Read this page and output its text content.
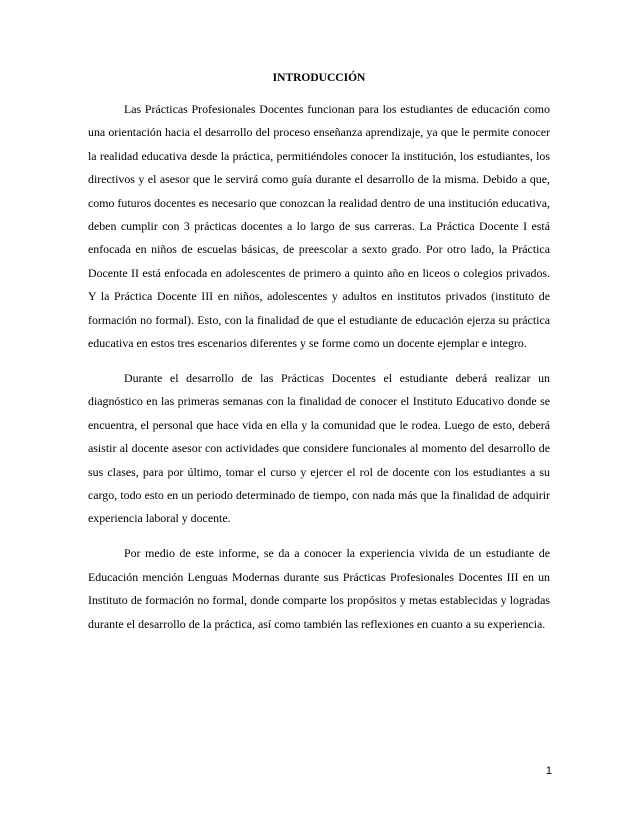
INTRODUCCIÓN

Las Prácticas Profesionales Docentes funcionan para los estudiantes de educación como una orientación hacia el desarrollo del proceso enseñanza aprendizaje, ya que le permite conocer la realidad educativa desde la práctica, permitiéndoles conocer la institución, los estudiantes, los directivos y el asesor que le servirá como guía durante el desarrollo de la misma. Debido a que, como futuros docentes es necesario que conozcan la realidad dentro de una institución educativa, deben cumplir con 3 prácticas docentes a lo largo de sus carreras. La Práctica Docente I está enfocada en niños de escuelas básicas, de preescolar a sexto grado. Por otro lado, la Práctica Docente II está enfocada en adolescentes de primero a quinto año en liceos o colegios privados. Y la Práctica Docente III en niños, adolescentes y adultos en institutos privados (instituto de formación no formal). Esto, con la finalidad de que el estudiante de educación ejerza su práctica educativa en estos tres escenarios diferentes y se forme como un docente ejemplar e integro.

Durante el desarrollo de las Prácticas Docentes el estudiante deberá realizar un diagnóstico en las primeras semanas con la finalidad de conocer el Instituto Educativo donde se encuentra, el personal que hace vida en ella y la comunidad que le rodea. Luego de esto, deberá asistir al docente asesor con actividades que considere funcionales al momento del desarrollo de sus clases, para por último, tomar el curso y ejercer el rol de docente con los estudiantes a su cargo, todo esto en un periodo determinado de tiempo, con nada más que la finalidad de adquirir experiencia laboral y docente.

Por medio de este informe, se da a conocer la experiencia vivida de un estudiante de Educación mención Lenguas Modernas durante sus Prácticas Profesionales Docentes III en un Instituto de formación no formal, donde comparte los propósitos y metas establecidas y logradas durante el desarrollo de la práctica, así como también las reflexiones en cuanto a su experiencia.

1
